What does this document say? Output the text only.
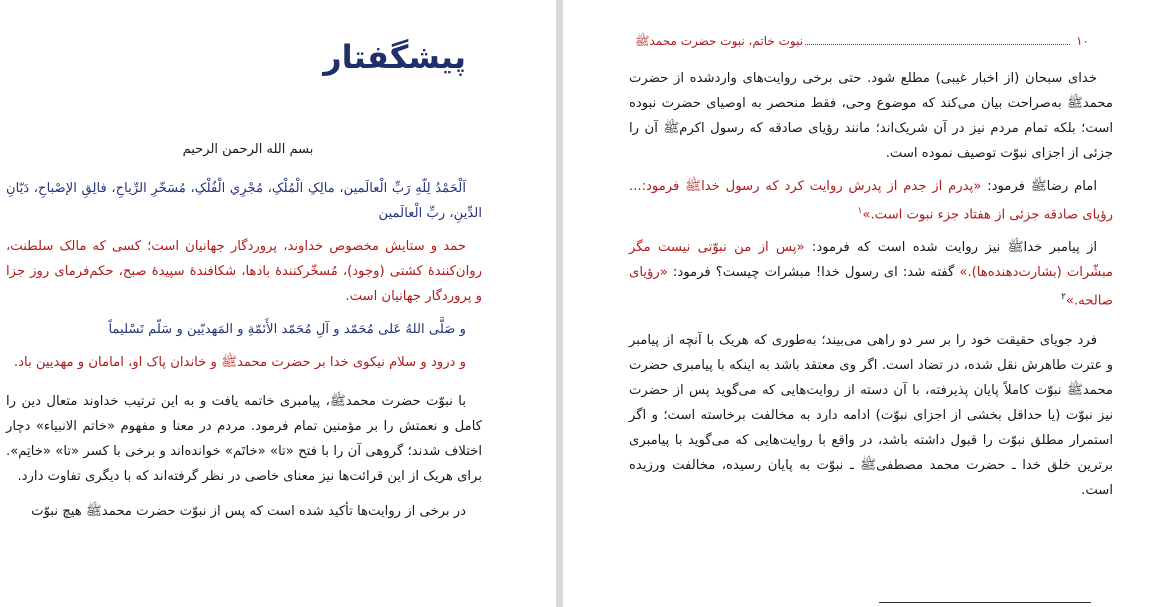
پیشگفتار
بسم الله الرحمن الرحیم

اَلْحَمْدُ لِلّهِ رَبِّ الْعالَمین، مالِکِ الْمُلْکِ، مُجْرِي الْفُلْکِ، مُسَخّرِ الرِّیاحِ، فالِقِ الإصْباحِ، دَیّانِ الدِّینِ، ربِّ الْعالَمین

حمد و ستایش مخصوص خداوند، پروردگار جهانیان است؛ کسی که مالک سلطنت، روان‌کنندۀ کشتی (وجود)، مُسخّرکنندۀ بادها، شکافندۀ سپیدۀ صبح، حکم‌فرمای روز جزا و پروردگار جهانیان است.

و صَلَّی اللهُ عَلی مُحَمّد و آلِ مُحَمّد الأَئمّةِ و المَهدیّین و سَلّم تَسْلیماً

و درود و سلام نیکوی خدا بر حضرت محمدﷺ و خاندان پاک او، امامان و مهدیین باد.

با نبوّت حضرت محمدﷺ، پیامبری خاتمه یافت و به این ترتیب خداوند متعال دین را کامل و نعمتش را بر مؤمنین تمام فرمود. مردم در معنا و مفهوم «خاتم الانبیاء» دچار اختلاف شدند؛ گروهی آن را با فتح «تا» «خاتَم» خوانده‌اند و برخی با کسر «تا» «خاتِم». برای هریک از این قرائت‌ها نیز معنای خاصی در نظر گرفته‌اند که با دیگری تفاوت دارد.

در برخی از روایت‌ها تأکید شده است که پس از نبوّت حضرت محمدﷺ هیچ نبوّت

١٠
نبوت خاتم، نبوت حضرت محمدﷺ

خدای سبحان (از اخبار غیبی) مطلع شود. حتی برخی روایت‌های واردشده از حضرت محمدﷺ به‌صراحت بیان می‌کند که موضوع وحی، فقط منحصر به اوصیای حضرت نبوده است؛ بلکه تمام مردم نیز در آن شریک‌اند؛ مانند رؤیای صادقه که رسول اکرمﷺ آن را جزئی از اجزای نبوّت توصیف نموده است.

امام رضاﷺ فرمود: «پدرم از جدم از پدرش روایت کرد که رسول خداﷺ فرمود:... رؤیای صادقه جزئی از هفتاد جزء نبوت است.»$^١$

از پیامبر خداﷺ نیز روایت شده است که فرمود: «پس از من نبوّتی نیست مگر مبشّرات (بشارت‌دهنده‌ها).» گفته شد: ای رسول خدا! مبشرات چیست؟ فرمود: «رؤیای صالحه.»$^٢$

فرد جویای حقیقت خود را بر سر دو راهی می‌بیند؛ به‌طوری که هریک با آنچه از پیامبر و عترت طاهرش نقل شده، در تضاد است. اگر وی معتقد باشد به اینکه با پیامبری حضرت محمدﷺ نبوّت کاملاً پایان پذیرفته، با آن دسته از روایت‌هایی که می‌گوید پس از حضرت نیز نبوّت (یا حداقل بخشی از اجزای نبوّت) ادامه دارد به مخالفت برخاسته است؛ و اگر استمرار مطلق نبوّت را قبول داشته باشد، در واقع با روایت‌هایی که می‌گوید با پیامبری برترین خلق خدا ـ حضرت محمد مصطفیﷺ ـ نبوّت به پایان رسیده، مخالفت ورزیده است.
